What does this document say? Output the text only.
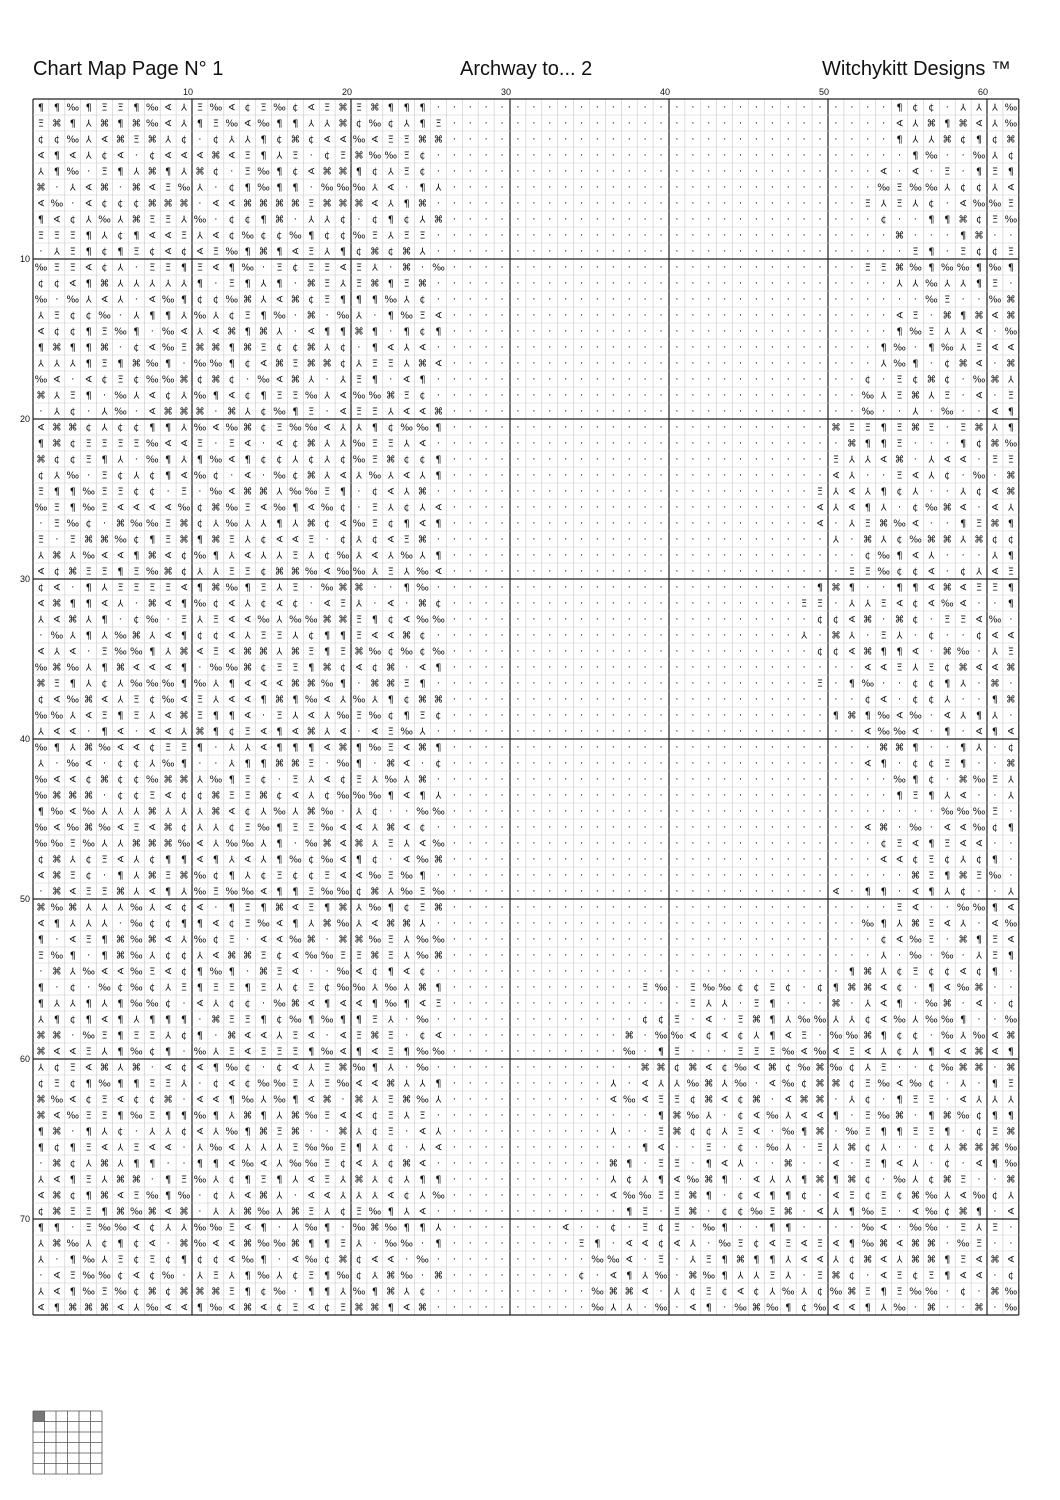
Chart Map Page N° 1	Archway to... 2	Witchykitt Designs ™
10	20	30	40	50	60
10
20
30
40
50
60
70
¶ ¶ ‰ ¶ Ξ Ξ ¶ ‰ ∢ ⅄ Ξ ‰ ∢ ¢ Ξ ‰ ¢ ∢ Ξ ⌘ Ξ ⌘ ¶ ¶ ¶ · · · · · · · · · · · · · · · · · · · · · · · · · · · · · ¶ ¢ ¢ · ⅄ ⅄ ⅄ ‰
Ξ ⌘ ¶ ⅄ ⌘ ¶ ⌘ ‰ ∢ ⅄ ¶ Ξ ‰ ∢ ‰ ¶ ¶ ⅄ ⅄ ⌘ ¢ ‰ ¢ ⅄ ¶ Ξ · · · · · · · · · · · · · · · · · · · · · · · · · · · · ∢ ⅄ ⌘ ¶ ⌘ ∢ ⅄ ‰
¢ ¢ ‰ ⅄ ∢ ⌘ Ξ ⌘ ⅄ ¢ · ¢ ⅄ ⅄ ¶ ¢ ⌘ ¢ ∢ ∢ ‰ ∢ Ξ Ξ ⌘ ⌘ · · · · · · · · · · · · · · · · · · · · · · · · · · · · ¶ ⅄ ⅄ ⌘ ¢ ¶ ¢ ⌘
∢ ¶ ∢ ⅄ ¢ ∢ · ¢ ∢ ∢ ∢ ⌘ ∢ Ξ ¶ ⅄ Ξ · ¢ Ξ ⌘ ‰ ‰ Ξ ¢ · · · · · · · · · · · · · · · · · · · · · · · · · · · · · · ¶ ‰ · · ‰ ⅄ ¢
⅄ ¶ ‰ · Ξ ¶ ⅄ ⌘ ¶ ⅄ ⌘ ¢ · Ξ ‰ ¶ ¢ ∢ ⌘ ⌘ ¶ ¢ ⅄ Ξ ¢ · · · · · · · · · · · · · · · · · · · · · · · · · · · · ∢ · ∢ · Ξ · ¶ Ξ ¶
⌘ · ⅄ ∢ ⌘ · ⌘ ∢ Ξ ‰ ⅄ · ¢ ¶ ‰ ¶ ¶ · ‰ ‰ ‰ ⅄ ∢ · ¶ ⅄ · · · · · · · · · · · · · · · · · · · · · · · · · · · ‰ Ξ ‰ ‰ ⅄ ¢ ¢ ⅄ ∢
∢ ‰ · ∢ ¢ ¢ ¢ ⌘ ⌘ ⌘ · ∢ ∢ ⌘ ⌘ ⌘ ⌘ Ξ ⌘ ⌘ ⌘ ∢ ⅄ ¶ ⌘ · · · · · · · · · · · · · · · · · · · · · · · · · · · Ξ ⅄ Ξ ⅄ ¢ · ∢ ‰ ‰ Ξ
¶ ∢ ¢ ⅄ ‰ ⅄ ⌘ Ξ Ξ ⅄ ‰ · ¢ ¢ ¶ ⌘ · ⅄ ⅄ ¢ · ¢ ¶ ¢ ⅄ ⌘ · · · · · · · · · · · · · · · · · · · · · · · · · · · ¢ · · ¶ ¶ ⌘ ¢ Ξ ‰
Ξ Ξ Ξ ¶ ⅄ ¢ ¶ ∢ ∢ Ξ ⅄ ∢ ¢ ‰ ¢ ¢ ‰ ¶ ¢ ¢ ‰ Ξ ⅄ Ξ Ξ · · · · · · · · · · · · · · · · · · · · · · · · · · · · · ⌘ · · · ¶ ⌘ · ·
· ⅄ Ξ ¶ ¢ ¶ Ξ ¢ ∢ ¢ ∢ Ξ ‰ ¶ ⌘ ¶ ∢ Ξ ⅄ ¶ ¢ ⌘ ¢ ⌘ ⅄ · · · · · · · · · · · · · · · · · · · · · · · · · · · · · · Ξ ¶ · Ξ ¢ ¢ Ξ
‰ Ξ Ξ ∢ ¢ ⅄ · Ξ Ξ ¶ Ξ ∢ ¶ ‰ · Ξ ¢ Ξ Ξ ∢ Ξ ⅄ · ⌘ · ‰ · · · · · · · · · · · · · · · · · · · · · · · · · · Ξ Ξ ⌘ ‰ ¶ ‰ ‰ ¶ ‰ ¶
¢ ¢ ∢ ¶ ⌘ ⅄ ⅄ ⅄ ⅄ ⅄ ¶ · Ξ ¶ ⅄ ¶ · ⌘ Ξ ⅄ Ξ ⌘ ¶ Ξ ⌘ · · · · · · · · · · · · · · · · · · · · · · · · · · · · · ⅄ ⅄ ‰ ⅄ ⅄ ¶ Ξ ·
‰ · ‰ ⅄ ∢ ⅄ · ∢ ‰ ¶ ¢ ¢ ‰ ⌘ ⅄ ∢ ⌘ ¢ Ξ ¶ ¶ ¶ ‰ ⅄ ¢ · · · · · · · · · · · · · · · · · · · · · · · · · · · · · · · ‰ Ξ · · ‰ ⌘
⅄ Ξ ¢ ¢ ‰ · ⅄ ¶ ¶ ⅄ ‰ ⅄ ¢ Ξ ¶ ‰ · ⌘ · ‰ ⅄ · ¶ ‰ Ξ ∢ · · · · · · · · · · · · · · · · · · · · · · · · · · · · ∢ Ξ · ⌘ ¶ ⌘ ∢ ⌘
∢ ¢ ¢ ¶ Ξ ‰ ¶ · ‰ ∢ ⅄ ∢ ⌘ ¶ ⌘ ⅄ · ∢ ¶ ¶ ⌘ ¶ · ¶ ¢ ¶ · · · · · · · · · · · · · · · · · · · · · · · · · · · · ¶ ‰ Ξ ⅄ ⅄ ∢ · ‰
¶ ⌘ ¶ ¶ ⌘ · ¢ ∢ ‰ Ξ ⌘ ⌘ ¶ ⌘ Ξ ¢ ¢ ⌘ ⅄ ¢ · ¶ ∢ ⅄ ∢ · · · · · · · · · · · · · · · · · · · · · · · · · · · · ¶ ‰ · ¶ ‰ ⅄ Ξ ∢ ∢
⅄ ⅄ ⅄ ¶ Ξ ¶ ⌘ ‰ ¶ · ‰ ‰ ¶ ¢ ∢ ⌘ Ξ ⌘ ⌘ ¢ ⅄ Ξ Ξ ⅄ ⌘ ∢ · · · · · · · · · · · · · · · · · · · · · · · · · · · ⅄ ‰ ¶ · ¢ ⌘ ∢ · ⌘
‰ ∢ · ∢ ¢ Ξ ¢ ‰ ‰ ⌘ ¢ ⌘ ¢ · ‰ ∢ ⌘ ⅄ · ⅄ Ξ ¶ · ∢ ¶ · · · · · · · · · · · · · · · · · · · · · · · · · · · ¢ · Ξ ¢ ⌘ ¢ · ‰ ⌘ ⅄
⌘ ⅄ Ξ ¶ · ‰ ⅄ ∢ ¢ ⅄ ‰ ¶ ∢ ¢ ¶ Ξ Ξ ‰ ⅄ ∢ ‰ ‰ ⌘ Ξ ¢ · · · · · · · · · · · · · · · · · · · · · · · · · · · ‰ ⅄ Ξ ⌘ ⅄ Ξ · ∢ · Ξ
· ⅄ ¢ · ⅄ ‰ · ∢ ⌘ ⌘ ⌘ · ⌘ ⅄ ¢ ‰ ¶ Ξ · ∢ Ξ Ξ ⅄ ∢ ∢ ⌘ · · · · · · · · · · · · · · · · · · · · · · · · · · ‰ · · ⅄ · ‰ · · ∢ ¶
∢ ⌘ ⌘ ¢ ⅄ ¢ ¢ ¶ ¶ ⅄ ‰ ∢ ‰ ⌘ ¢ Ξ ‰ ‰ ∢ ⅄ ⅄ ¶ ¢ ‰ ‰ ¶ · · · · · · · · · · · · · · · · · · · · · · · · ⌘ Ξ Ξ ¶ Ξ ⌘ Ξ · Ξ ⌘ ⅄ ¶
¶ ⌘ ¢ Ξ Ξ Ξ Ξ ‰ ∢ ∢ Ξ · Ξ ∢ · ∢ ¢ ⌘ ⅄ ⅄ ‰ Ξ Ξ ⅄ ∢ · · · · · · · · · · · · · · · · · · · · · · · · · · ⌘ ¶ ¶ Ξ · · · ¶ ¢ ⌘ ‰
⌘ ¢ ¢ Ξ ¶ ⅄ · ‰ ¶ ⅄ ¶ ‰ ∢ ¶ ¢ ¢ ⅄ ¢ ⅄ ¢ ‰ Ξ ⌘ ¢ ¢ ¶ · · · · · · · · · · · · · · · · · · · · · · · · Ξ ⅄ ⅄ ∢ ⌘ · ⅄ ∢ ∢ · Ξ Ξ
¢ ⅄ ‰ · Ξ ¢ ⅄ ¢ ¶ ∢ ‰ ¢ · ∢ · ‰ ¢ ⌘ ⅄ ∢ ⅄ ‰ ⅄ ∢ ⅄ ¶ · · · · · · · · · · · · · · · · · · · · · · · · ∢ ⅄ · · Ξ ∢ ⅄ ¢ · ‰ · ⌘
Ξ ¶ ¶ ‰ Ξ Ξ ¢ ¢ · Ξ · ‰ ∢ ⌘ ⌘ ⅄ ‰ ‰ Ξ ¶ · ¢ ∢ ⅄ ⌘ · · · · · · · · · · · · · · · · · · · · · · · · Ξ ⅄ ∢ ⅄ ¶ ¢ ⅄ · · ⅄ ¢ ∢ ⌘
‰ Ξ ¶ ‰ Ξ ∢ ∢ ∢ ∢ ‰ ¢ ⌘ ‰ Ξ ∢ ‰ ¶ ∢ ‰ ¢ · Ξ ⅄ ¢ ⅄ ∢ · · · · · · · · · · · · · · · · · · · · · · · ∢ ⅄ ∢ ¶ ⅄ · ¢ ‰ ⌘ ∢ · ∢ ⅄
· Ξ ‰ ¢ · ⌘ ‰ ‰ Ξ ⌘ ¢ ⅄ ‰ ⅄ ⅄ ¶ ⅄ ⌘ ¢ ∢ ‰ Ξ ¢ ¶ ∢ ¶ · · · · · · · · · · · · · · · · · · · · · · · ∢ · ⅄ Ξ ⌘ ‰ ∢ · · ¶ Ξ ⌘ ¶
Ξ · Ξ ⌘ ⌘ ‰ ¢ ¶ Ξ ⌘ ¶ ⌘ Ξ ⅄ ¢ ∢ ∢ Ξ · ¢ ⅄ ¢ ∢ Ξ ⌘ · · · · · · · · · · · · · · · · · · · · · · · · · ⅄ · ⌘ ⅄ ¢ ‰ ⌘ ⌘ ⅄ ⌘ ¢ ¢
⅄ ⌘ ⅄ ‰ ∢ ∢ ¶ ⌘ ∢ ¢ ‰ ¶ ⅄ ∢ ⅄ ⅄ Ξ ⅄ ¢ ‰ ⅄ ∢ ⅄ ‰ ⅄ ¶ · · · · · · · · · · · · · · · · · · · · · · · · · · ¢ ‰ ¶ ∢ ⅄ · · · ⅄ ¶
∢ ¢ ⌘ Ξ Ξ ¶ Ξ ‰ ⌘ ¢ ⅄ ⅄ Ξ Ξ ¢ ⌘ ⌘ ‰ ∢ ‰ ‰ ⅄ Ξ ⅄ ‰ ∢ · · · · · · · · · · · · · · · · · · · · · · · · · Ξ Ξ ‰ ¢ ¢ ∢ · ¢ ⅄ ∢ Ξ
¢ ∢ · ¶ ⅄ Ξ Ξ Ξ Ξ ∢ ¶ ⌘ ‰ ¶ Ξ ⅄ Ξ · ‰ ⌘ ⌘ · · ¶ ‰ · · · · · · · · · · · · · · · · · · · · · · · · ¶ ⌘ ¶ · · ¶ ¶ ∢ ⌘ ∢ Ξ Ξ ¶
∢ ⌘ ¶ ¶ ∢ ⅄ · ⌘ ∢ ¶ ‰ ¢ ∢ ⅄ ¢ ∢ ¢ · ∢ Ξ ⅄ · ∢ · ⌘ ¢ · · · · · · · · · · · · · · · · · · · · · · Ξ Ξ · ⅄ ⅄ Ξ ∢ ¢ ∢ ‰ ∢ · · ¶
⅄ ∢ ⌘ ⅄ ¶ · ¢ ‰ · Ξ ⅄ Ξ ∢ ∢ ‰ ⅄ ‰ ‰ ⌘ ⌘ Ξ ¶ ¢ ∢ ‰ ‰ · · · · · · · · · · · · · · · · · · · · · · · ¢ ¢ ∢ ⌘ · ⌘ ¢ · Ξ Ξ ∢ ‰ ·
· ‰ ⅄ ¶ ⅄ ‰ ⌘ ⅄ ∢ ¶ ¢ ¢ ∢ ⅄ Ξ Ξ ⅄ ¢ ¶ ¶ Ξ ∢ ∢ ⌘ ¢ · · · · · · · · · · · · · · · · · · · · · · · ⅄ · ⌘ ⅄ · Ξ ⅄ · ¢ · · ¢ ∢ ∢
∢ ⅄ ∢ · Ξ ‰ ‰ ¶ ⅄ ⌘ ∢ Ξ ∢ ⌘ ⌘ ⅄ ⌘ Ξ ¶ Ξ ⌘ ‰ ¢ ‰ ¢ ‰ · · · · · · · · · · · · · · · · · · · · · · · ¢ ¢ ∢ ⌘ ¶ ¶ ∢ · ⌘ ‰ · ⅄ Ξ
‰ ⌘ ‰ ⅄ ¶ ⌘ ∢ ∢ ∢ ¶ · ‰ ‰ ⌘ ¢ Ξ Ξ ¶ ⌘ ¢ ∢ ¢ ⌘ · ∢ ¶ · · · · · · · · · · · · · · · · · · · · · · · · · · ∢ ∢ Ξ ⅄ Ξ ¢ ⌘ ∢ ∢ ⌘
⌘ Ξ ¶ ⅄ ¢ ⅄ ‰ ‰ ‰ ¶ ‰ ⅄ ¶ ∢ ∢ ∢ ⌘ ⌘ ‰ ¶ · ⌘ ⌘ Ξ ¶ · · · · · · · · · · · · · · · · · · · · · · · · Ξ · ¶ ‰ · · ¢ ¢ ¶ ⅄ · ⌘ ·
¢ ∢ ‰ ⌘ ∢ ⅄ Ξ ¢ ‰ ∢ Ξ ⅄ ∢ ∢ ¶ ⌘ ¶ ‰ ∢ ⅄ ‰ ⅄ ¶ ¢ ⌘ ⌘ · · · · · · · · · · · · · · · · · · · · · · · · · · ¢ ∢ · ¢ ¢ ⅄ · · ¶ ⌘
‰ ‰ ⅄ ∢ Ξ ¶ Ξ ⅄ ∢ ⌘ Ξ ¶ ¶ ∢ · Ξ ⅄ ∢ ⅄ ‰ Ξ ‰ ¢ ¶ Ξ ¢ · · · · · · · · · · · · · · · · · · · · · · · · ¶ ⌘ ¶ ‰ ∢ ‰ · ∢ ⅄ ¶ ⅄ ·
⅄ ∢ ∢ · ¶ ∢ · ∢ ∢ ⅄ ⌘ ¶ ¢ Ξ ∢ ¶ ∢ ⌘ ⅄ ∢ · ∢ Ξ ‰ ⅄ · · · · · · · · · · · · · · · · · · · · · · · · · · · ∢ ‰ ‰ ∢ · ¶ · ∢ ¶ ∢
‰ ¶ ⅄ ⌘ ‰ ∢ ∢ ¢ Ξ Ξ ¶ · ⅄ ⅄ ∢ ¶ ¶ ¶ ∢ ⌘ ¶ ‰ Ξ ∢ ⌘ ¶ · · · · · · · · · · · · · · · · · · · · · · · · · · · ⌘ ⌘ ¶ · · ¶ ⅄ · ¢
⅄ · ‰ ∢ · ¢ ¢ ⅄ ‰ ¶ · · ⅄ ¶ ¶ ⌘ ⌘ Ξ · ‰ ¶ · ⌘ ∢ · ¢ · · · · · · · · · · · · · · · · · · · · · · · · · · ∢ ¶ · ¢ ¢ Ξ ¶ · · ⌘
‰ ∢ ∢ ¢ ⌘ ¢ ¢ ‰ ⌘ ⌘ ⅄ ‰ ¶ Ξ ¢ · Ξ ⅄ ∢ ¢ Ξ ⅄ ‰ ⅄ ⌘ · · · · · · · · · · · · · · · · · · · · · · · · · · · · · ‰ ¶ ¢ · ⌘ ‰ Ξ ⅄
‰ ⌘ ⌘ ⌘ · ¢ ¢ Ξ ∢ ¢ ¢ ⌘ Ξ Ξ ⌘ ¢ ∢ ⅄ ¢ ‰ ‰ ‰ ¶ ∢ ¶ ⅄ · · · · · · · · · · · · · · · · · · · · · · · · · · · · ¶ Ξ ¶ ⅄ ∢ · · ⅄
¶ ‰ ∢ ‰ ⅄ ⅄ ⅄ ⌘ ⅄ ⅄ ⅄ ⌘ ∢ ¢ ⅄ ‰ ⅄ ⌘ ‰ · ⅄ ¢ · · ‰ ‰ · · · · · · · · · · · · · · · · · · · · · · · · · · · · · · · ‰ ‰ ‰ Ξ ·
‰ ∢ ‰ ⌘ ‰ ∢ Ξ ∢ ⌘ ¢ ⅄ ⅄ ¢ Ξ ‰ ¶ Ξ Ξ ‰ ∢ ∢ ⅄ ⌘ ∢ ¢ · · · · · · · · · · · · · · · · · · · · · · · · · · · ∢ ⌘ · ‰ · ∢ ∢ ‰ ¢ ¶
‰ ‰ Ξ ‰ ⅄ ⅄ ⌘ ⌘ ⌘ ‰ ∢ ⅄ ‰ ‰ ⅄ ¶ · ‰ ⌘ ∢ ⌘ ⅄ Ξ ⅄ ∢ ‰ · · · · · · · · · · · · · · · · · · · · · · · · · · · ¢ Ξ ∢ ¶ Ξ ∢ ∢ · ·
¢ ⌘ ⅄ ¢ Ξ ∢ ⅄ ¢ ¶ ¶ ∢ ¶ ⅄ ∢ ⅄ ¶ ‰ ¢ ‰ ∢ ¶ ¢ · ∢ ‰ ⌘ · · · · · · · · · · · · · · · · · · · · · · · · · · · ∢ ∢ ¢ Ξ ¢ ⅄ ¢ ¶ ·
∢ ⌘ Ξ ¢ · ¶ ⅄ ⌘ Ξ ⌘ ‰ ¢ ¶ ⅄ ¢ Ξ ¢ ¢ Ξ ∢ ∢ ‰ Ξ ‰ ¶ · · · · · · · · · · · · · · · · · · · · · · · · · · · · · · ⌘ Ξ ¶ ⌘ Ξ ‰ ·
· ⌘ ∢ Ξ Ξ ⌘ ⅄ ∢ ¶ ⅄ ‰ Ξ ‰ ‰ ∢ ¶ ¶ Ξ ‰ ‰ ¢ ⌘ ⅄ ‰ Ξ ‰ · · · · · · · · · · · · · · · · · · · · · · · · ∢ · ¶ ¶ · ∢ ¶ ⅄ ¢ · · ⅄
⌘ ‰ ⌘ ⅄ ⅄ ⅄ ‰ ⅄ ∢ ¢ ∢ · ¶ Ξ ¶ ⌘ ∢ Ξ ¶ ⌘ ⅄ ‰ ¶ ¢ Ξ ⌘ · · · · · · · · · · · · · · · · · · · · · · · · · · · · Ξ ∢ · · ‰ ‰ ¶ ∢
∢ ¶ ⅄ ⅄ ⅄ · ‰ ¢ ¢ ¶ ¶ ∢ ¢ Ξ ‰ ∢ ¶ ⅄ ⌘ ‰ ⅄ ∢ ⌘ ⌘ ⅄ · · · · · · · · · · · · · · · · · · · · · · · · · · · ‰ ¶ ⅄ ⌘ Ξ ∢ ⅄ · ∢ ‰
¶ · ∢ Ξ ¶ ⌘ ‰ ⌘ ∢ ⅄ ‰ ¢ Ξ · ∢ ∢ ‰ ⌘ · ⌘ ⌘ ‰ Ξ ⅄ ‰ ‰ · · · · · · · · · · · · · · · · · · · · · · · · · · · ¢ ∢ ‰ Ξ · ⌘ ¶ Ξ ∢
Ξ ‰ ¶ · ¶ ⌘ ‰ ⅄ ¢ ¢ ⅄ ∢ ⌘ ⌘ Ξ ¢ ∢ ‰ ‰ Ξ Ξ ⌘ Ξ ⅄ ‰ ⌘ · · · · · · · · · · · · · · · · · · · · · · · · · · · ⅄ · ‰ · ‰ · ⅄ Ξ ¶
· ⌘ ⅄ ‰ ∢ ∢ ‰ Ξ ∢ ¢ ¶ ‰ ¶ · ⌘ Ξ ∢ · · ‰ ∢ ¢ ¶ ∢ ¢ · · · · · · · · · · · · · · · · · · · · · · · · · · ¶ ⌘ ⅄ ¢ Ξ ¢ ¢ ∢ ¢ ¶ ·
¶ · ¢ · ‰ ¢ ‰ ¢ ⅄ Ξ ¶ Ξ Ξ ¶ Ξ ⅄ ¢ Ξ ¢ ‰ ‰ ⅄ ‰ ⅄ ⌘ ¶ · · · · · · · · · · · · Ξ ‰ · Ξ ‰ ‰ ¢ ¢ Ξ ¢ · ¢ ¶ ⌘ ⌘ ∢ ¢ · ¶ ∢ ‰ ⌘ · ·
¶ ⅄ ⅄ ¶ ⅄ ¶ ‰ ‰ ¢ · ∢ ⅄ ¢ ¢ · ‰ ⌘ ∢ ¶ ∢ ∢ ¶ ‰ ¶ ∢ Ξ · · · · · · · · · · · · · · · Ξ ⅄ ⅄ · Ξ ¶ · · · ⌘ · ⅄ ∢ ¶ · ‰ ⌘ · ∢ · ¢
⅄ ¶ ¢ ¶ ∢ ¶ ⅄ ¶ ¶ ¶ · ⌘ Ξ Ξ ¶ ¢ ‰ ¶ ‰ ¶ ¶ Ξ ⅄ · ‰ · · · · · · · · · · · · · ¢ ¢ Ξ · ∢ · Ξ ⌘ ¶ ⅄ ‰ ‰ ⅄ ⅄ ¢ ∢ ‰ ⅄ ‰ ‰ ¶ · · ‰
⌘ ⌘ · ‰ Ξ ¶ Ξ Ξ ⅄ ¢ ¶ · ⌘ ∢ ∢ ⅄ Ξ ∢ · ∢ Ξ ⌘ Ξ · ¢ ∢ · · · · · · · · · · · ⌘ · ‰ ‰ ∢ ¢ ∢ ¢ ⅄ ¶ ∢ Ξ · ‰ ‰ ⌘ ¶ ¢ ¢ · ‰ ⅄ ‰ ∢ ⌘
⌘ ∢ ∢ Ξ ⅄ ¶ ‰ ¢ ¶ · ‰ ⅄ Ξ ∢ Ξ Ξ Ξ ¶ ‰ ∢ ¶ ∢ Ξ ¶ ‰ ‰ · · · · · · · · · · · ‰ · ¶ Ξ · · · Ξ Ξ Ξ ‰ ∢ ‰ ∢ Ξ ∢ ⅄ ¢ ⅄ ¶ ∢ ∢ ⌘ ∢ ¶
⅄ ¢ Ξ ∢ ⌘ ⅄ ⌘ · ∢ ¢ ∢ ¶ ‰ ¢ · ¢ ∢ ⅄ Ξ ⌘ ‰ ¶ ⅄ · ‰ · · · · · · · · · · · · · ⌘ ⌘ ¢ ⌘ ∢ ¢ ‰ ∢ ⌘ ¢ ‰ ⌘ ‰ ¢ ⅄ Ξ · · ¢ ‰ ⌘ ⌘ · ⌘
¢ Ξ ¢ ¶ ‰ ¶ ¶ Ξ Ξ ⅄ · ¢ ∢ ¢ ‰ ‰ Ξ ⅄ Ξ ‰ ∢ ∢ ⌘ ⅄ ⅄ ¶ · · · · · · · · · · ⅄ · ∢ ⅄ ⅄ ‰ ⌘ ⅄ ‰ · ∢ ‰ ¢ ⌘ ⌘ ¢ Ξ ‰ ∢ ‰ ¢ · ⅄ · ¶ Ξ
⌘ ‰ ∢ ¢ Ξ ∢ ¢ ¢ ⌘ · ∢ ∢ ¶ ‰ ⅄ ‰ ¶ ∢ ⌘ · ⌘ ⅄ Ξ ⌘ ‰ ⅄ · · · · · · · · · · ∢ ‰ ∢ Ξ Ξ ¢ ⌘ ∢ ¢ ⌘ · ∢ ⌘ ⌘ · ⅄ ¢ · ¶ Ξ Ξ · ∢ ⅄ ⅄ ⅄
⌘ ∢ ‰ Ξ Ξ ¶ ‰ Ξ ¶ ¶ ‰ ¶ ⅄ ⌘ ¶ ⅄ ⌘ ‰ Ξ ∢ ∢ ¢ Ξ ⅄ Ξ · · · · · · · · · · · · · · ¶ ⌘ ‰ ⅄ · ¢ ∢ ‰ ⅄ ∢ ∢ ¶ · Ξ ‰ ⌘ · ¶ ⌘ ‰ ¢ ¶ ¶
¶ ⌘ · ¶ ⅄ ¢ · ⅄ ⅄ ¢ ∢ ⅄ ‰ ¶ ⌘ Ξ ⌘ · · ⌘ ⅄ ¢ Ξ · ∢ ⅄ · · · · · · · · · · ⅄ · · Ξ ⌘ ¢ ¢ ⅄ Ξ ∢ · ‰ ¶ ⌘ · ‰ Ξ ¶ ¶ Ξ Ξ ¶ · ¢ Ξ ⌘
¶ ¢ ¶ Ξ ∢ ⅄ Ξ ∢ ∢ · ⅄ ‰ ∢ ⅄ ⅄ ⅄ Ξ ‰ ‰ Ξ ¶ ⅄ ¢ · ⅄ ∢ · · · · · · · · · · · · ¶ ∢ · · Ξ · ¢ · ‰ ⅄ · Ξ ⅄ ⌘ ¢ ⅄ · · ¢ ⅄ ⌘ ⌘ ⌘ ‰
· ⌘ ¢ ⅄ ⌘ ⅄ ¶ ¶ · · ¶ ¶ ∢ ‰ ∢ ⅄ ‰ ‰ Ξ ¢ ∢ ⅄ ¢ ⌘ ∢ · · · · · · · · · · · ⌘ ¶ · Ξ Ξ · ¶ ∢ ⅄ · · ⌘ · · ∢ · Ξ ¶ ∢ ⅄ · ¢ · ∢ ¶ ‰
⅄ ∢ ¶ Ξ ⅄ ⌘ ⌘ · ¶ Ξ ‰ ⅄ ¢ ¶ Ξ ¶ ⅄ ∢ Ξ ⅄ ⌘ ⅄ ¢ ⅄ ¶ ¶ · · · · · · · · · · ⅄ ¢ ⅄ ¶ ∢ ‰ ⌘ ¶ · ∢ ⅄ ⅄ ¶ ⌘ ¶ ⌘ ¢ · ‰ ⅄ ¢ ⌘ Ξ · · ⌘
∢ ⌘ ¢ ¶ ⌘ ∢ Ξ ‰ ¶ ‰ · ¢ ⅄ ∢ ⌘ ⅄ · ∢ ∢ ⅄ ⅄ ⅄ ∢ ¢ ⅄ ‰ · · · · · · · · · · ∢ ‰ ‰ Ξ Ξ ⌘ ¶ · ¢ ∢ ¶ ¶ ¢ · ∢ Ξ ¢ Ξ ¢ ⌘ ‰ ⅄ ∢ ‰ ¢ ⅄
¢ ⌘ Ξ Ξ ¶ ⌘ ‰ ⌘ ∢ ⌘ · ⅄ ⅄ ⌘ ‰ ⅄ ⌘ Ξ ⅄ ¢ Ξ ‰ ¶ ⅄ ∢ · · · · · · · · · · · · ¶ Ξ · Ξ ⌘ · ¢ ¢ ‰ Ξ ⌘ · ∢ ⅄ ¶ ‰ Ξ · ∢ ‰ ¢ ⌘ ¶ · ∢
¶ ¶ · Ξ ‰ ‰ ∢ ¢ ⅄ ⅄ ‰ ‰ Ξ ∢ ¶ · ⅄ ‰ ¶ · ‰ ⌘ ‰ ¶ ¶ ⅄ · · · · · · · ∢ · · ¢ · Ξ ¢ Ξ · ‰ ¶ · · ¶ ¶ · · · · ‰ ∢ · ‰ ‰ · Ξ ⅄ Ξ ·
⅄ ⌘ ‰ ⅄ ¢ ¶ ¢ ∢ · ⌘ ‰ ∢ ∢ ⌘ ‰ ‰ ⌘ ¶ ¶ Ξ ⅄ · ‰ ‰ · ¶ · · · · · · · · Ξ ¶ · ∢ ∢ ¢ ∢ ⅄ · ‰ Ξ ¢ ∢ Ξ ∢ Ξ ∢ ¶ ‰ ⌘ ∢ ⌘ ⌘ · ‰ Ξ · ·
⅄ · ¶ ‰ ⅄ Ξ ¢ Ξ ¢ ¶ ¢ ¢ ∢ ‰ ¶ · ∢ ‰ ¢ ⌘ ¢ ∢ ∢ · ‰ · · · · · · · · · · ‰ ‰ ∢ · Ξ · ⅄ Ξ ¶ ⌘ ¶ ¶ ⅄ ∢ ∢ ⅄ ¢ ⌘ ∢ ⅄ ⌘ ⌘ ¶ Ξ ∢ ⌘ ∢
· ∢ Ξ ‰ ‰ ¢ ∢ ¢ ‰ · ⅄ Ξ ⅄ ¶ ‰ ⅄ ¢ Ξ ¶ ‰ ¢ ⅄ ⌘ ‰ · ⌘ · · · · · · · · ¢ · ∢ ¶ ⅄ ‰ · ⌘ ‰ ¶ ⅄ ⅄ Ξ ⅄ · Ξ ⌘ ¢ · ∢ Ξ ¢ Ξ ¶ ∢ ∢ · ¢
⅄ ∢ ¶ ‰ Ξ ‰ ¢ ⌘ ¢ ⌘ ⌘ ⌘ Ξ ¶ ¢ ‰ · ¶ ¶ ⅄ ‰ ¶ ⌘ ⅄ ¢ · · · · · · · · · · ‰ ⌘ ⌘ ∢ · ⅄ ¢ Ξ ¢ ∢ ¢ ⅄ ‰ ⅄ ¢ ‰ ⌘ Ξ ¶ Ξ ‰ ‰ · ¢ · ⌘ ‰
∢ ¶ ⌘ ⌘ ⌘ ∢ ⅄ ‰ ∢ ∢ ¶ ‰ ∢ ⌘ ∢ ¢ Ξ ∢ ¢ Ξ ⌘ ⌘ ¶ ∢ ⌘ · · · · · · · · · · ‰ ⅄ ⅄ · ‰ · ∢ ¶ · ‰ ⌘ ‰ ¶ ¢ ‰ ∢ ∢ ¶ ⅄ ‰ · ⌘ · · ⌘ · ‰
